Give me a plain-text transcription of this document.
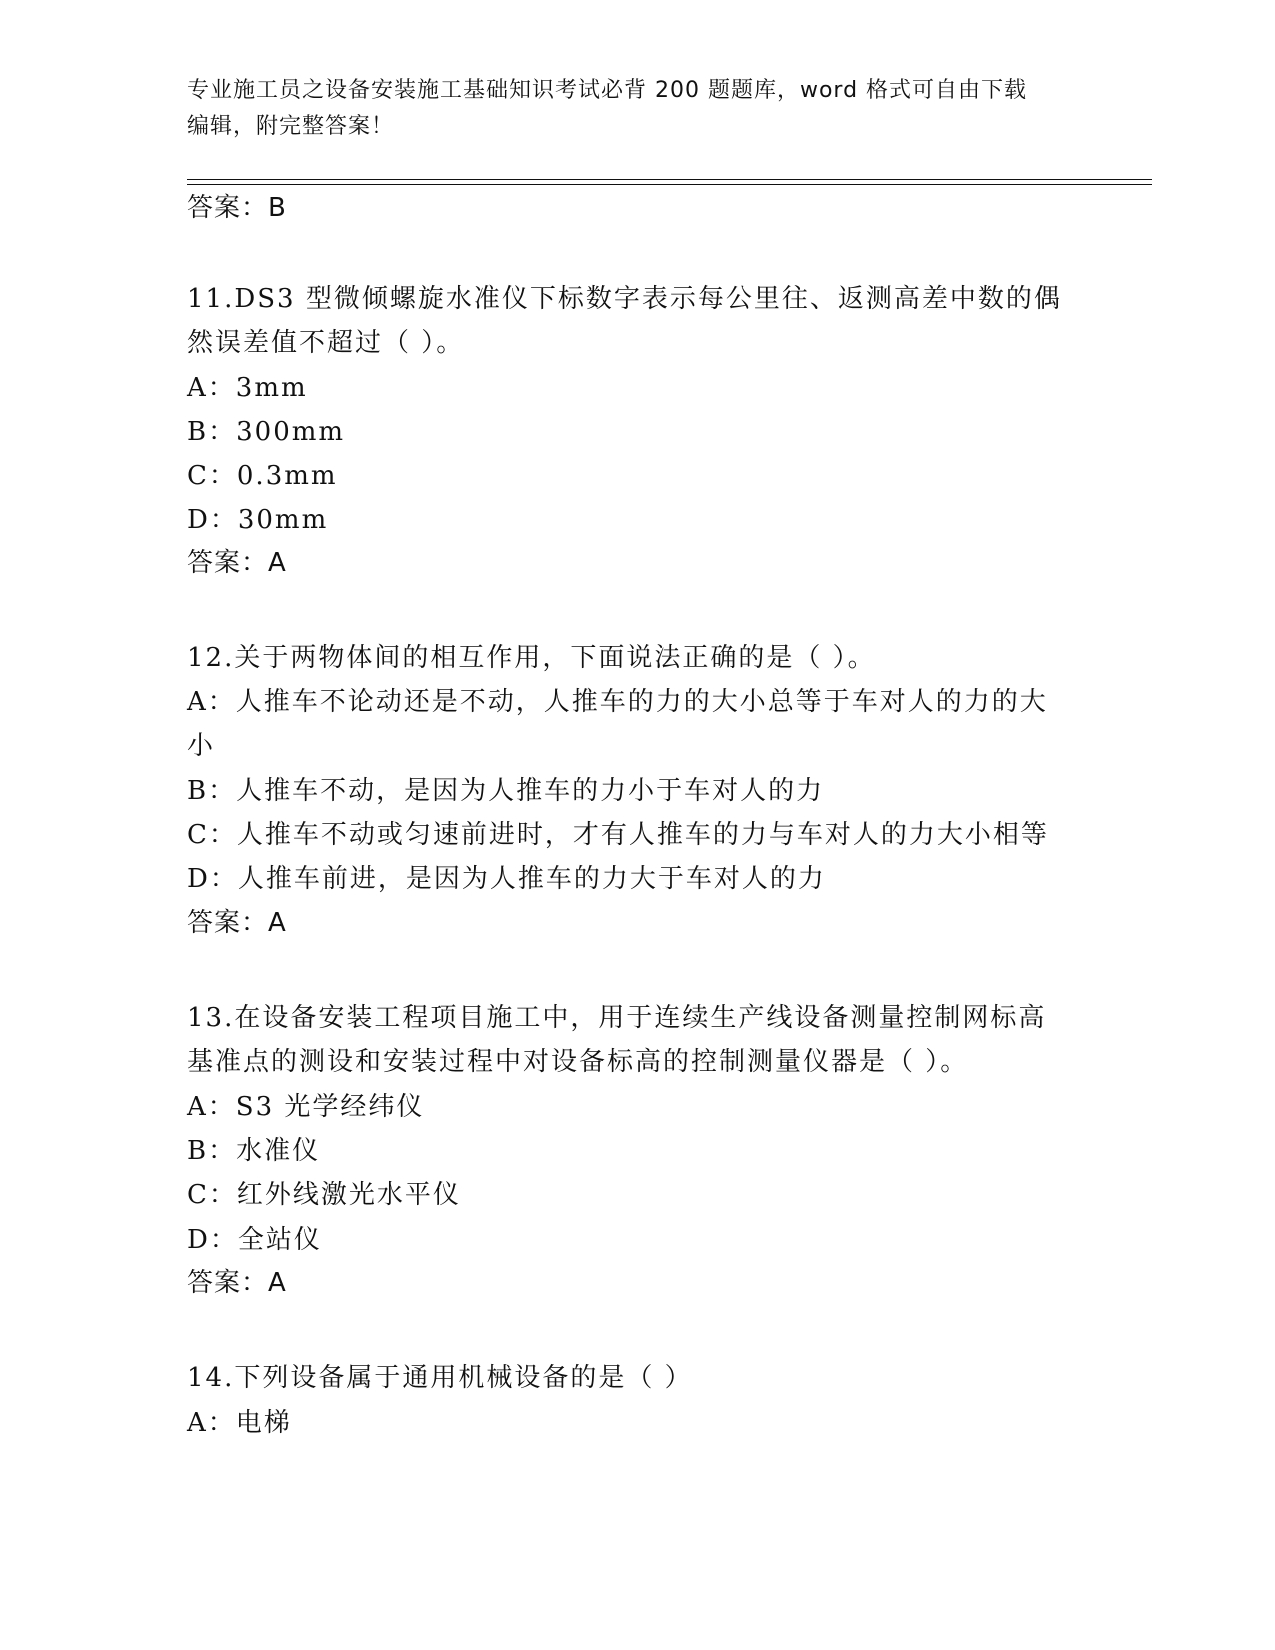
专业施工员之设备安装施工基础知识考试必背 200 题题库，word 格式可自由下载
编辑，附完整答案！
答案：B
11.DS3 型微倾螺旋水准仪下标数字表示每公里往、返测高差中数的偶
然误差值不超过（ ）。
A：3mm
B：300mm
C：0.3mm
D：30mm
答案：A
12.关于两物体间的相互作用，下面说法正确的是（ ）。
A：人推车不论动还是不动，人推车的力的大小总等于车对人的力的大
小
B：人推车不动，是因为人推车的力小于车对人的力
C：人推车不动或匀速前进时，才有人推车的力与车对人的力大小相等
D：人推车前进，是因为人推车的力大于车对人的力
答案：A
13.在设备安装工程项目施工中，用于连续生产线设备测量控制网标高
基准点的测设和安装过程中对设备标高的控制测量仪器是（ ）。
A：S3 光学经纬仪
B：水准仪
C：红外线激光水平仪
D：全站仪
答案：A
14.下列设备属于通用机械设备的是（ ）
A：电梯
